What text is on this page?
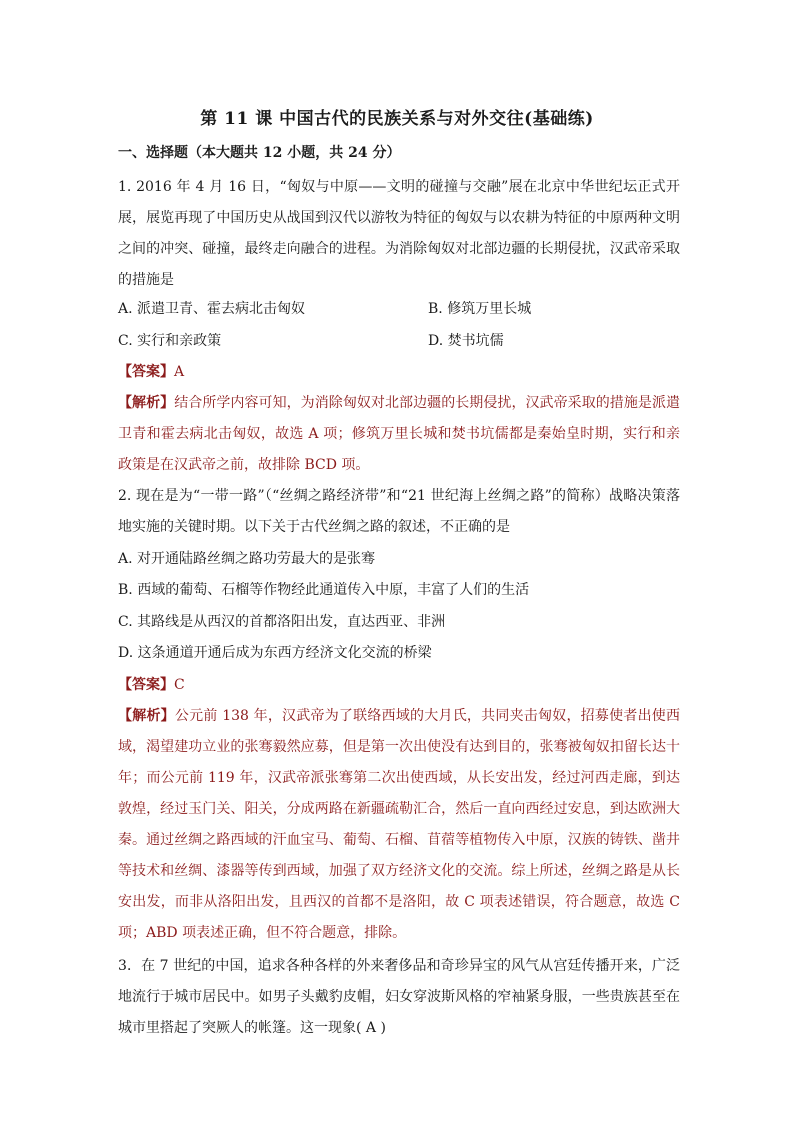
第 11 课 中国古代的民族关系与对外交往(基础练)
一、选择题（本大题共 12 小题，共 24 分）
1. 2016 年 4 月 16 日，“匈奴与中原——文明的碰撞与交融”展在北京中华世纪坛正式开展，展览再现了中国历史从战国到汉代以游牧为特征的匈奴与以农耕为特征的中原两种文明之间的冲突、碰撞，最终走向融合的进程。为消除匈奴对北部边疆的长期侵扰，汉武帝采取的措施是
A. 派遣卫青、霍去病北击匈奴	B. 修筑万里长城
C. 实行和亲政策	D. 焚书坑儒
【答案】A
【解析】结合所学内容可知，为消除匈奴对北部边疆的长期侵扰，汉武帝采取的措施是派遣卫青和霍去病北击匈奴，故选 A 项；修筑万里长城和焚书坑儒都是秦始皇时期，实行和亲政策是在汉武帝之前，故排除 BCD 项。
2. 现在是为“一带一路”（“丝绸之路经济带”和“21 世纪海上丝绸之路”的简称）战略决策落地实施的关键时期。以下关于古代丝绸之路的叙述，不正确的是
A. 对开通陆路丝绸之路功劳最大的是张骞
B. 西域的葡萄、石榴等作物经此通道传入中原，丰富了人们的生活
C. 其路线是从西汉的首都洛阳出发，直达西亚、非洲
D. 这条通道开通后成为东西方经济文化交流的桥梁
【答案】C
【解析】公元前 138 年，汉武帝为了联络西域的大月氏，共同夹击匈奴，招募使者出使西域，渴望建功立业的张骞毅然应募，但是第一次出使没有达到目的，张骞被匈奴扣留长达十年；而公元前 119 年，汉武帝派张骞第二次出使西域，从长安出发，经过河西走廊，到达敦煌，经过玉门关、阳关，分成两路在新疆疏勒汇合，然后一直向西经过安息，到达欧洲大秦。通过丝绸之路西域的汗血宝马、葡萄、石榴、苜蓿等植物传入中原，汉族的铸铁、凿井等技术和丝绸、漆器等传到西域，加强了双方经济文化的交流。综上所述，丝绸之路是从长安出发，而非从洛阳出发，且西汉的首都不是洛阳，故 C 项表述错误，符合题意，故选 C 项；ABD 项表述正确，但不符合题意，排除。
3．在 7 世纪的中国，追求各种各样的外来奢侈品和奇珍异宝的风气从宫廷传播开来，广泛地流行于城市居民中。如男子头戴豹皮帽，妇女穿波斯风格的窄袖紧身服，一些贵族甚至在城市里搭起了突厥人的帐篷。这一现象( A )
